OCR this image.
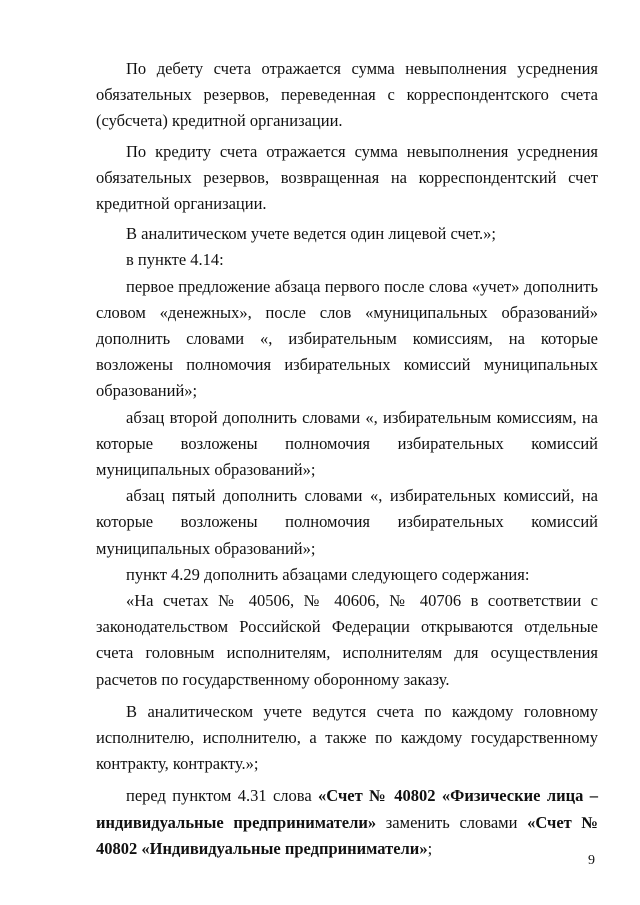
По дебету счета отражается сумма невыполнения усреднения обязательных резервов, переведенная с корреспондентского счета (субсчета) кредитной организации.

По кредиту счета отражается сумма невыполнения усреднения обязательных резервов, возвращенная на корреспондентский счет кредитной организации.

В аналитическом учете ведется один лицевой счет.»;

в пункте 4.14:

первое предложение абзаца первого после слова «учет» дополнить словом «денежных», после слов «муниципальных образований» дополнить словами «, избирательным комиссиям, на которые возложены полномочия избирательных комиссий муниципальных образований»;

абзац второй дополнить словами «, избирательным комиссиям, на которые возложены полномочия избирательных комиссий муниципальных образований»;

абзац пятый дополнить словами «, избирательных комиссий, на которые возложены полномочия избирательных комиссий муниципальных образований»;

пункт 4.29 дополнить абзацами следующего содержания:

«На счетах № 40506, № 40606, № 40706 в соответствии с законодательством Российской Федерации открываются отдельные счета головным исполнителям, исполнителям для осуществления расчетов по государственному оборонному заказу.

В аналитическом учете ведутся счета по каждому головному исполнителю, исполнителю, а также по каждому государственному контракту, контракту.»;

перед пунктом 4.31 слова «Счет № 40802 «Физические лица – индивидуальные предприниматели» заменить словами «Счет № 40802 «Индивидуальные предприниматели»;

9
